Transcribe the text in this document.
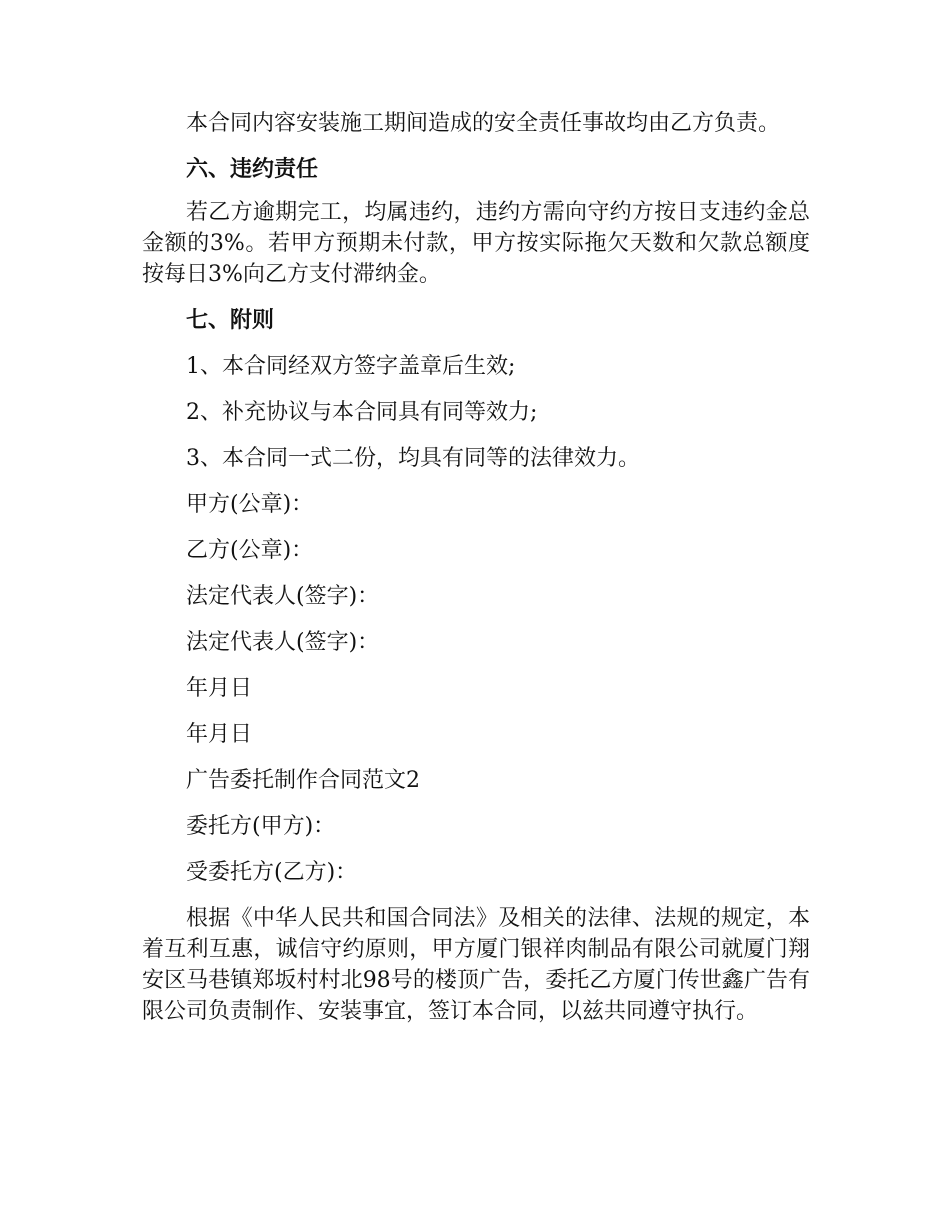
本合同内容安装施工期间造成的安全责任事故均由乙方负责。

六、违约责任

若乙方逾期完工，均属违约，违约方需向守约方按日支违约金总金额的3%。若甲方预期未付款，甲方按实际拖欠天数和欠款总额度按每日3%向乙方支付滞纳金。

七、附则

1、本合同经双方签字盖章后生效;

2、补充协议与本合同具有同等效力;

3、本合同一式二份，均具有同等的法律效力。

甲方(公章)：

乙方(公章)：

法定代表人(签字)：

法定代表人(签字)：

年月日

年月日

广告委托制作合同范文2

委托方(甲方)：

受委托方(乙方)：

根据《中华人民共和国合同法》及相关的法律、法规的规定，本着互利互惠，诚信守约原则，甲方厦门银祥肉制品有限公司就厦门翔安区马巷镇郑坂村村北98号的楼顶广告，委托乙方厦门传世鑫广告有限公司负责制作、安装事宜，签订本合同，以兹共同遵守执行。
